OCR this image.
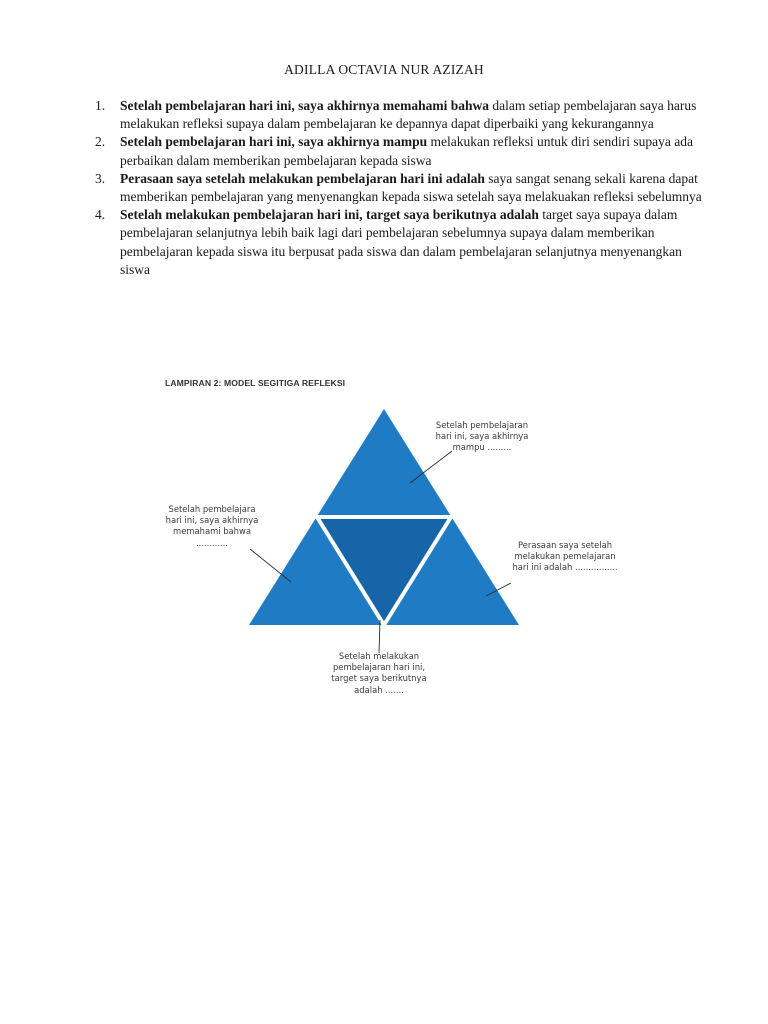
ADILLA OCTAVIA NUR AZIZAH
1. Setelah pembelajaran hari ini, saya akhirnya memahami bahwa dalam setiap pembelajaran saya harus melakukan refleksi supaya dalam pembelajaran ke depannya dapat diperbaiki yang kekurangannya
2. Setelah pembelajaran hari ini, saya akhirnya mampu melakukan refleksi untuk diri sendiri supaya ada perbaikan dalam memberikan pembelajaran kepada siswa
3. Perasaan saya setelah melakukan pembelajaran hari ini adalah saya sangat senang sekali karena dapat memberikan pembelajaran yang menyenangkan kepada siswa setelah saya melakuakan refleksi sebelumnya
4. Setelah melakukan pembelajaran hari ini, target saya berikutnya adalah target saya supaya dalam pembelajaran selanjutnya lebih baik lagi dari pembelajaran sebelumnya supaya dalam memberikan pembelajaran kepada siswa itu berpusat pada siswa dan dalam pembelajaran selanjutnya menyenangkan siswa
LAMPIRAN 2: MODEL SEGITIGA REFLEKSI
Setelah pembelajaran hari ini, saya akhirnya mampu .........
Setelah pembelajara hari ini, saya akhirnya memahami bahwa ............	Perasaan saya setelah melakukan pemelajaran hari ini adalah ................
Setelah melakukan pembelajaran hari ini, target saya berikutnya adalah .......
